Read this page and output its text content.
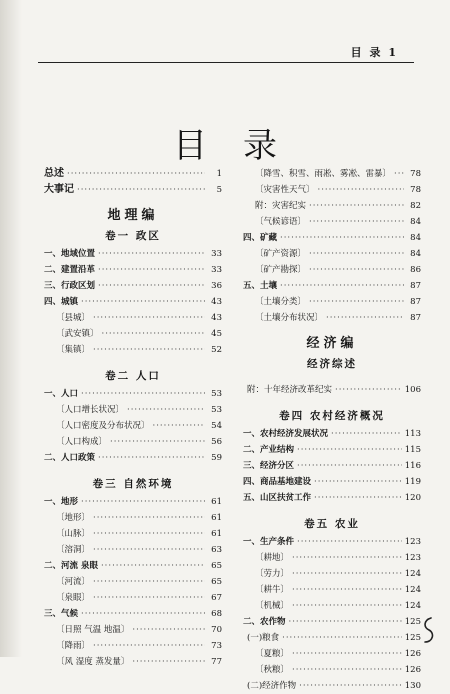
目 录 1
目录
总述 ·····	1
大事记 ·····	5
地理编
卷一 政区
一、地域位置 ·····	33
二、建置沿革 ·····	33
三、行政区划 ·····	36
四、城镇 ·····	43
〔县城〕 ·····	43
〔武安镇〕 ·····	45
〔集镇〕 ·····	52
卷二 人口
一、人口 ·····	53
〔人口增长状况〕 ·····	53
〔人口密度及分布状况〕 ·····	54
〔人口构成〕 ·····	56
二、人口政策 ·····	59
卷三 自然环境
一、地形 ·····	61
〔地形〕 ·····	61
〔山脉〕 ·····	61
〔溶洞〕 ·····	63
二、河流 泉眼 ·····	65
〔河流〕 ·····	65
〔泉眼〕 ·····	67
三、气候 ·····	68
〔日照 气温 地温〕 ·····	70
〔降雨〕 ·····	73
〔风 湿度 蒸发量〕 ·····	77
〔降雪、积雪、雨凇、雾凇、雷暴〕 ·····	78
〔灾害性天气〕 ·····	78
附：灾害纪实 ·····	82
〔气候谚语〕 ·····	84
四、矿藏 ·····	84
〔矿产资源〕 ·····	84
〔矿产勘探〕 ·····	86
五、土壤 ·····	87
〔土壤分类〕 ·····	87
〔土壤分布状况〕 ·····	87
经济编
经济综述
附：十年经济改革纪实 ·····	106
卷四 农村经济概况
一、农村经济发展状况 ·····	113
二、产业结构 ·····	115
三、经济分区 ·····	116
四、商品基地建设 ·····	119
五、山区扶贫工作 ·····	120
卷五 农业
一、生产条件 ·····	123
〔耕地〕 ·····	123
〔劳力〕 ·····	124
〔耕牛〕 ·····	124
〔机械〕 ·····	124
二、农作物 ·····	125
(一)粮食 ·····	125
〔夏粮〕 ·····	126
〔秋粮〕 ·····	126
(二)经济作物 ·····	130
